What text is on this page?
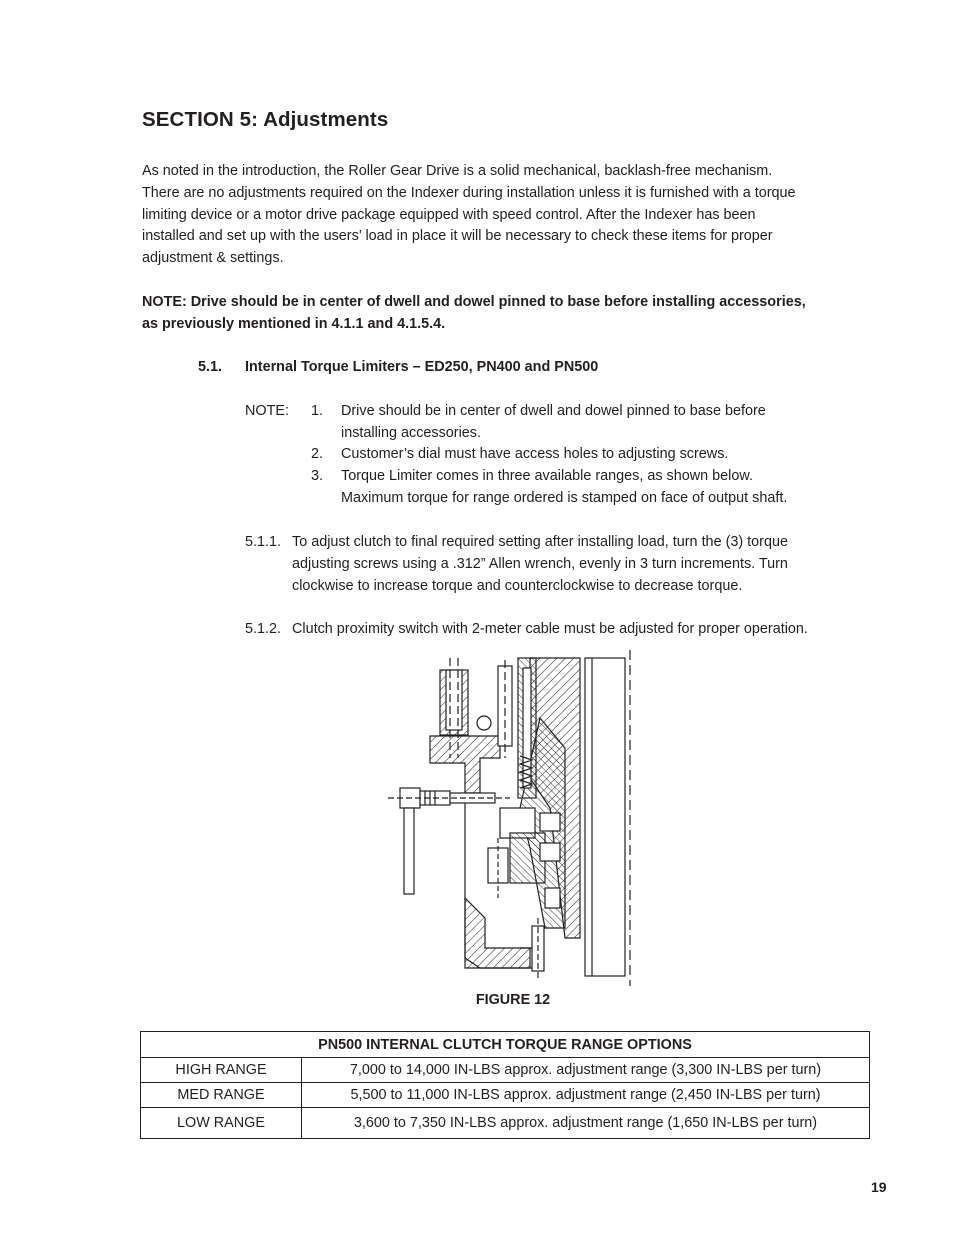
SECTION 5: Adjustments
As noted in the introduction, the Roller Gear Drive is a solid mechanical, backlash-free mechanism.
There are no adjustments required on the Indexer during installation unless it is furnished with a torque
limiting device or a motor drive package equipped with speed control. After the Indexer has been
installed and set up with the users’ load in place it will be necessary to check these items for proper
adjustment & settings.
NOTE: Drive should be in center of dwell and dowel pinned to base before installing accessories,
as previously mentioned in 4.1.1 and 4.1.5.4.
5.1. Internal Torque Limiters – ED250, PN400 and PN500
NOTE: 1. Drive should be in center of dwell and dowel pinned to base before
installing accessories.
2. Customer’s dial must have access holes to adjusting screws.
3. Torque Limiter comes in three available ranges, as shown below.
Maximum torque for range ordered is stamped on face of output shaft.
5.1.1. To adjust clutch to final required setting after installing load, turn the (3) torque
adjusting screws using a .312” Allen wrench, evenly in 3 turn increments. Turn
clockwise to increase torque and counterclockwise to decrease torque.
5.1.2. Clutch proximity switch with 2-meter cable must be adjusted for proper operation.
FIGURE 12
PN500 INTERNAL CLUTCH TORQUE RANGE OPTIONS	
HIGH RANGE	7,000 to 14,000 IN-LBS approx. adjustment range (3,300 IN-LBS per turn)
MED RANGE	5,500 to 11,000 IN-LBS approx. adjustment range (2,450 IN-LBS per turn)
LOW RANGE	3,600 to 7,350 IN-LBS approx. adjustment range (1,650 IN-LBS per turn)
19
